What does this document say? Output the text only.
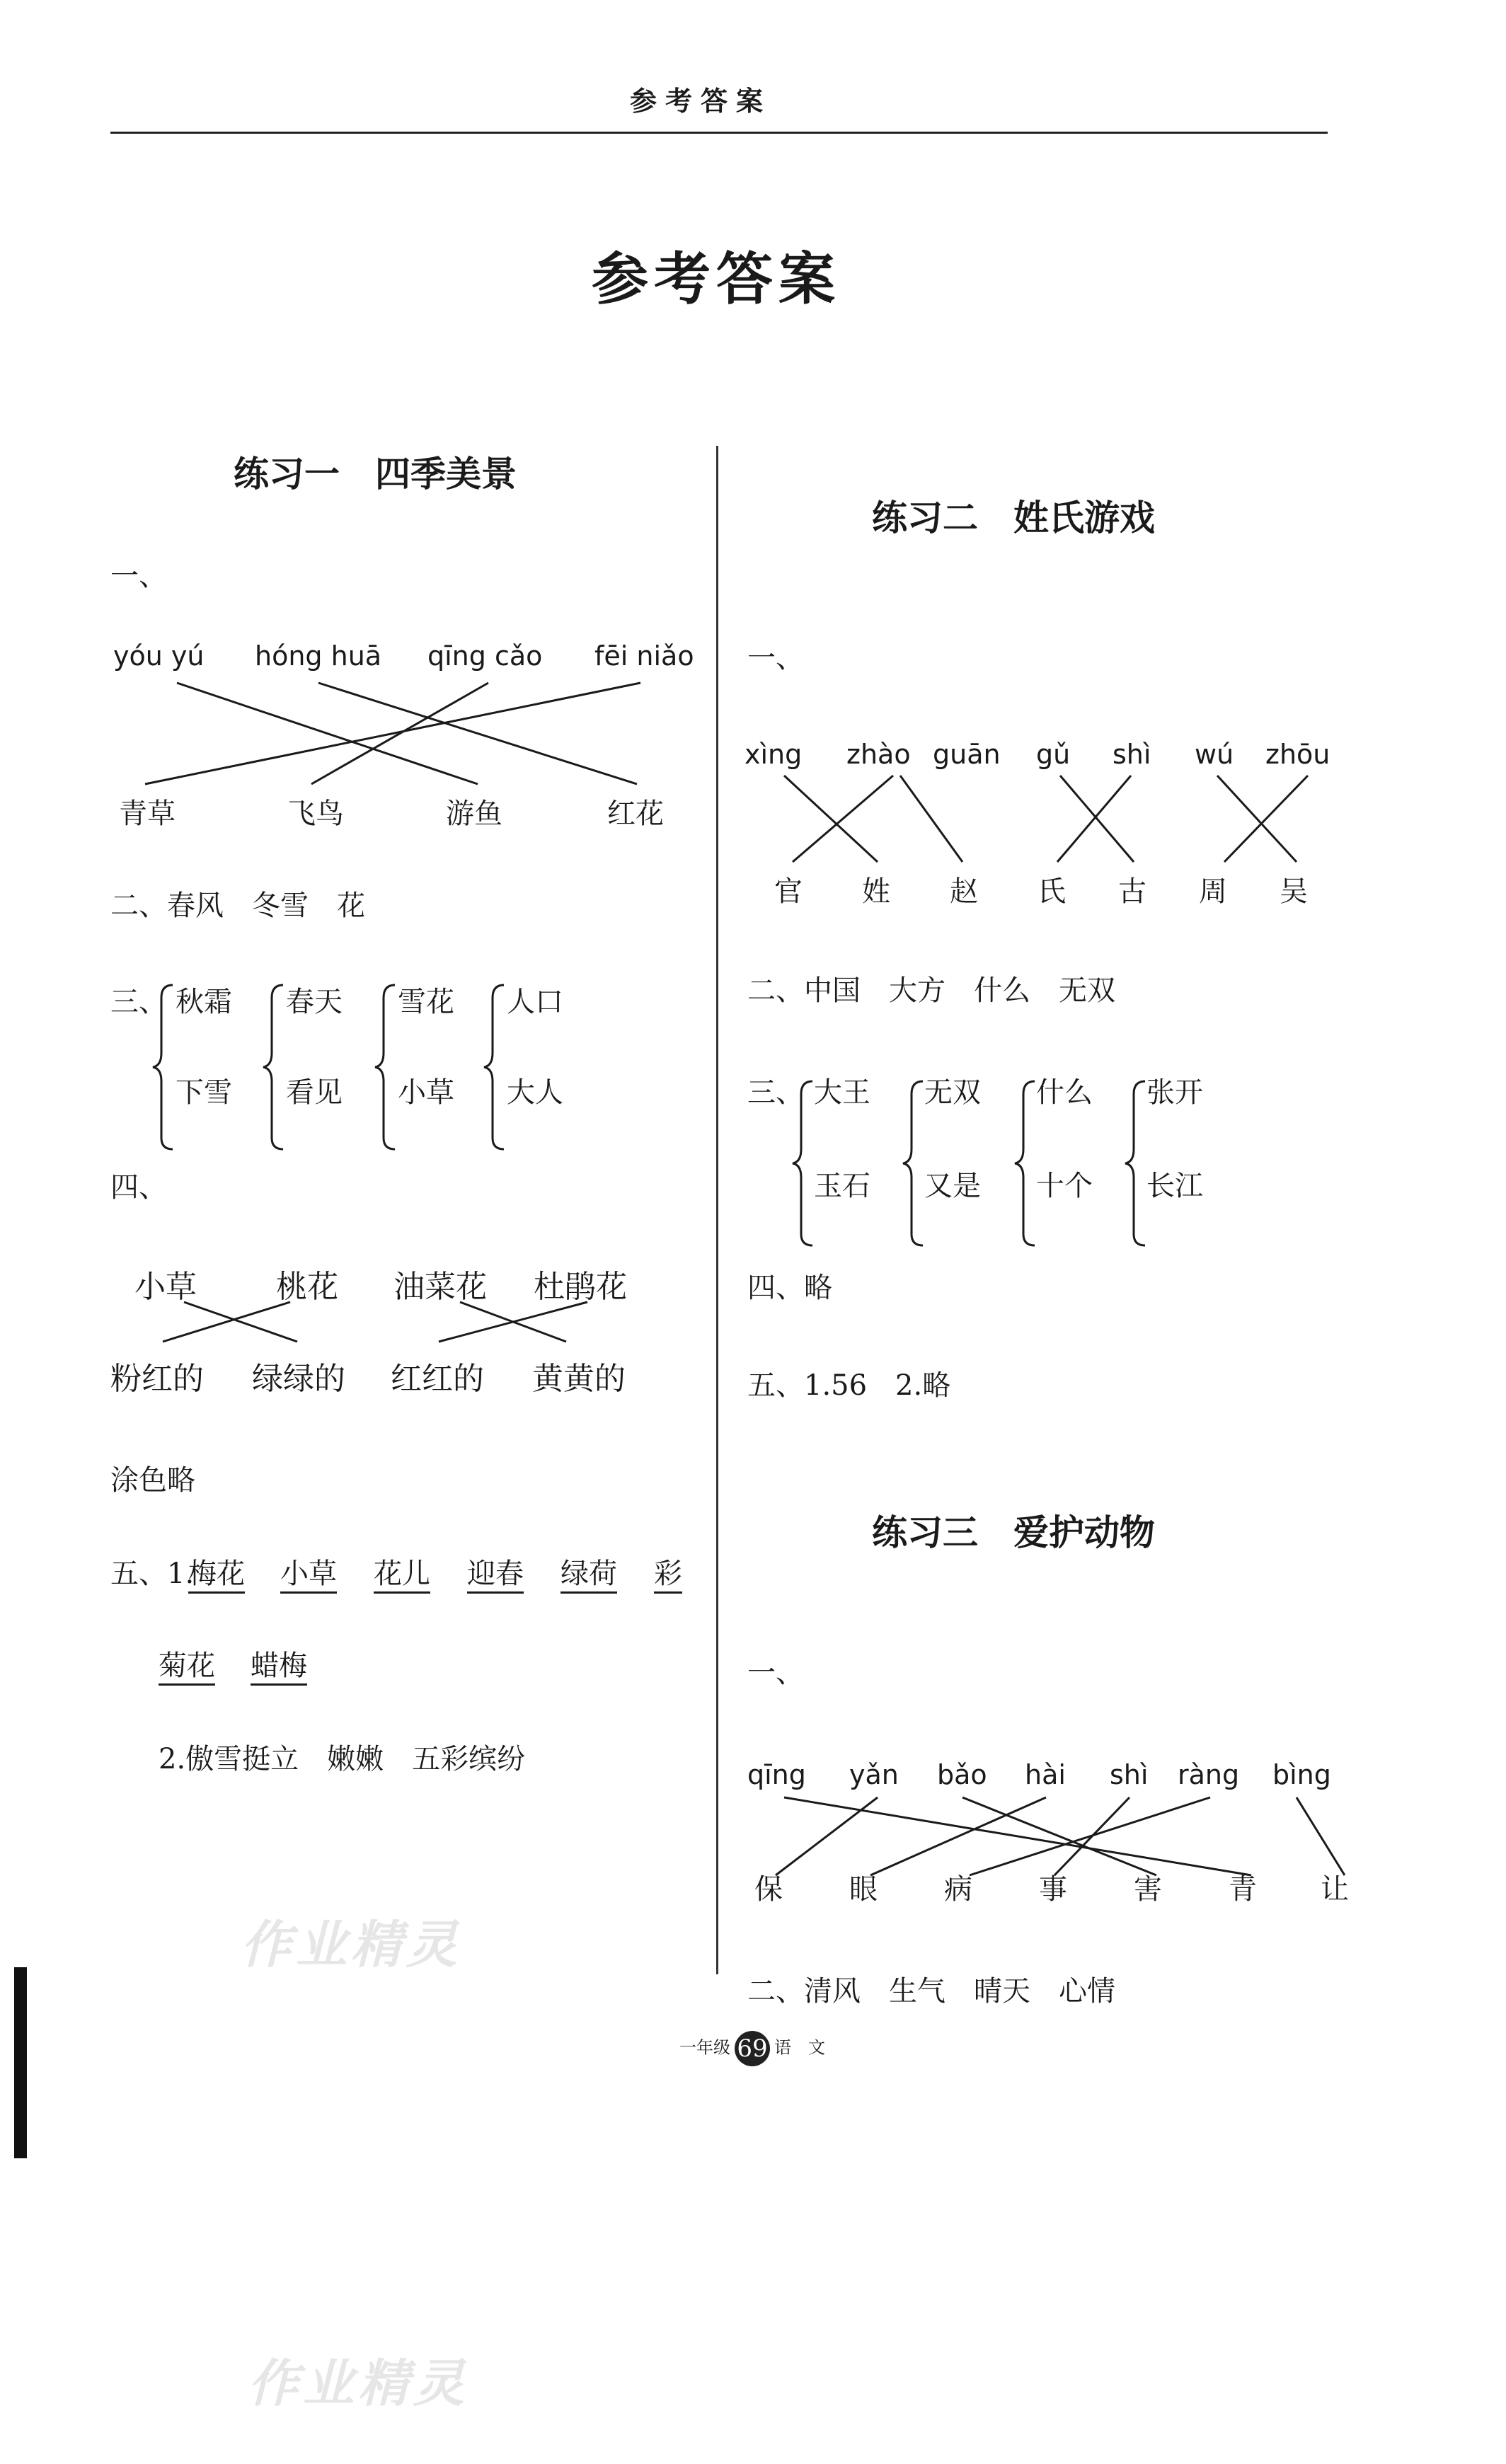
参考答案
参考答案
练习一　四季美景
一、
yóu yú hóng huā qīng cǎo fēi niǎo
青草	飞鸟	游鱼	红花
二、春风　冬雪　花
三、 秋霜 春天 雪花 人口
下雪 看见 小草 大人
四、
小草	桃花 油菜花 杜鹃花
粉红的 绿绿的 红红的 黄黄的
涂色略
五、1.
梅花 小草 花儿 迎春 绿荷 彩
菊花 蜡梅
2.傲雪挺立　嫩嫩　五彩缤纷
练习二　姓氏游戏
一、
xìng zhào guān gǔ shì wú zhōu
官 姓 赵 氏 古 周 吴
二、中国　大方　什么　无双
三、 大王 无双 什么 张开
玉石 又是 十个 长江
四、略
五、1.56　2.略
练习三　爱护动物
一、
qīng yǎn bǎo hài shì ràng bìng
保 眼 病 事 害 青 让
二、清风　生气　晴天　心情
作业精灵
作业精灵
一年级 69 语　文
